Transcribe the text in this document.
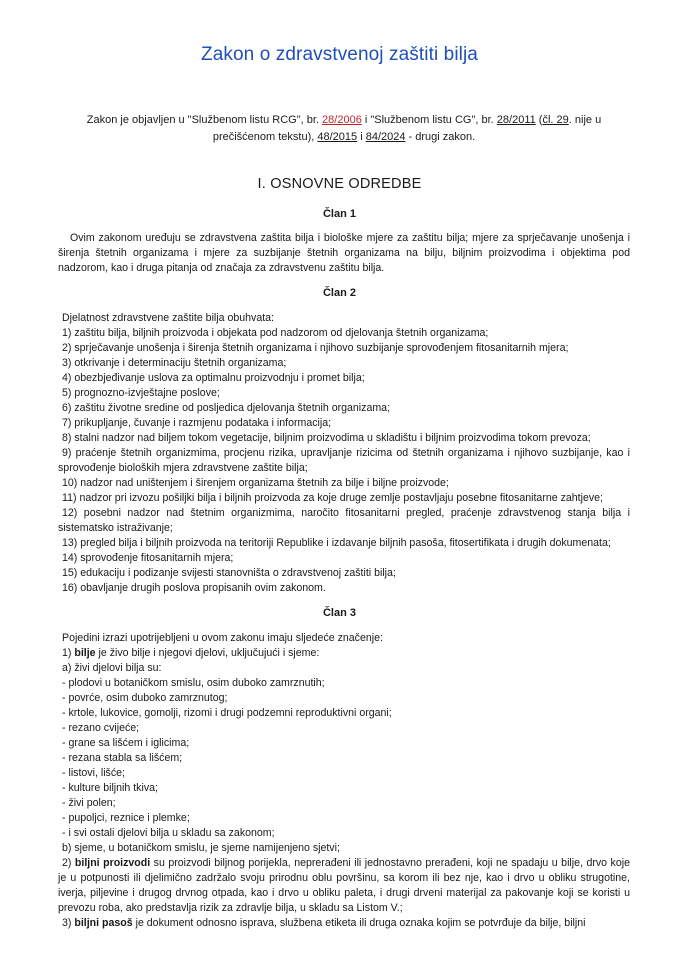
Zakon o zdravstvenoj zaštiti bilja
Zakon je objavljen u "Službenom listu RCG", br. 28/2006 i "Službenom listu CG", br. 28/2011 (čl. 29. nije u prečišćenom tekstu), 48/2015 i 84/2024 - drugi zakon.
I. OSNOVNE ODREDBE
Član 1
Ovim zakonom uređuju se zdravstvena zaštita bilja i biološke mjere za zaštitu bilja; mjere za sprječavanje unošenja i širenja štetnih organizama i mjere za suzbijanje štetnih organizama na bilju, biljnim proizvodima i objektima pod nadzorom, kao i druga pitanja od značaja za zdravstvenu zaštitu bilja.
Član 2
Djelatnost zdravstvene zaštite bilja obuhvata:
1) zaštitu bilja, biljnih proizvoda i objekata pod nadzorom od djelovanja štetnih organizama;
2) sprječavanje unošenja i širenja štetnih organizama i njihovo suzbijanje sprovođenjem fitosanitarnih mjera;
3) otkrivanje i determinaciju štetnih organizama;
4) obezbjeđivanje uslova za optimalnu proizvodnju i promet bilja;
5) prognozno-izvještajne poslove;
6) zaštitu životne sredine od posljedica djelovanja štetnih organizama;
7) prikupljanje, čuvanje i razmjenu podataka i informacija;
8) stalni nadzor nad biljem tokom vegetacije, biljnim proizvodima u skladištu i biljnim proizvodima tokom prevoza;
9) praćenje štetnih organizmima, procjenu rizika, upravljanje rizicima od štetnih organizama i njihovo suzbijanje, kao i sprovođenje bioloških mjera zdravstvene zaštite bilja;
10) nadzor nad uništenjem i širenjem organizama štetnih za bilje i biljne proizvode;
11) nadzor pri izvozu pošiljki bilja i biljnih proizvoda za koje druge zemlje postavljaju posebne fitosanitarne zahtjeve;
12) posebni nadzor nad štetnim organizmima, naročito fitosanitarni pregled, praćenje zdravstvenog stanja bilja i sistematsko istraživanje;
13) pregled bilja i biljnih proizvoda na teritoriji Republike i izdavanje biljnih pasoša, fitosertifikata i drugih dokumenata;
14) sprovođenje fitosanitarnih mjera;
15) edukaciju i podizanje svijesti stanovništa o zdravstvenoj zaštiti bilja;
16) obavljanje drugih poslova propisanih ovim zakonom.
Član 3
Pojedini izrazi upotrijebljeni u ovom zakonu imaju sljedeće značenje:
1) bilje je živo bilje i njegovi djelovi, uključujući i sjeme:
a) živi djelovi bilja su:
- plodovi u botaničkom smislu, osim duboko zamrznutih;
- povrće, osim duboko zamrznutog;
- krtole, lukovice, gomolji, rizomi i drugi podzemni reproduktivni organi;
- rezano cvijeće;
- grane sa lišćem i iglicima;
- rezana stabla sa lišćem;
- listovi, lišće;
- kulture biljnih tkiva;
- živi polen;
- pupoljci, reznice i plemke;
- i svi ostali djelovi bilja u skladu sa zakonom;
b) sjeme, u botaničkom smislu, je sjeme namijenjeno sjetvi;
2) biljni proizvodi su proizvodi biljnog porijekla, neprerađeni ili jednostavno prerađeni, koji ne spadaju u bilje, drvo koje je u potpunosti ili djelimično zadržalo svoju prirodnu oblu površinu, sa korom ili bez nje, kao i drvo u obliku strugotine, iverja, piljevine i drugog drvnog otpada, kao i drvo u obliku paleta, i drugi drveni materijal za pakovanje koji se koristi u prevozu roba, ako predstavlja rizik za zdravlje bilja, u skladu sa Listom V.;
3) biljni pasoš je dokument odnosno isprava, službena etiketa ili druga oznaka kojim se potvrđuje da bilje, biljni
